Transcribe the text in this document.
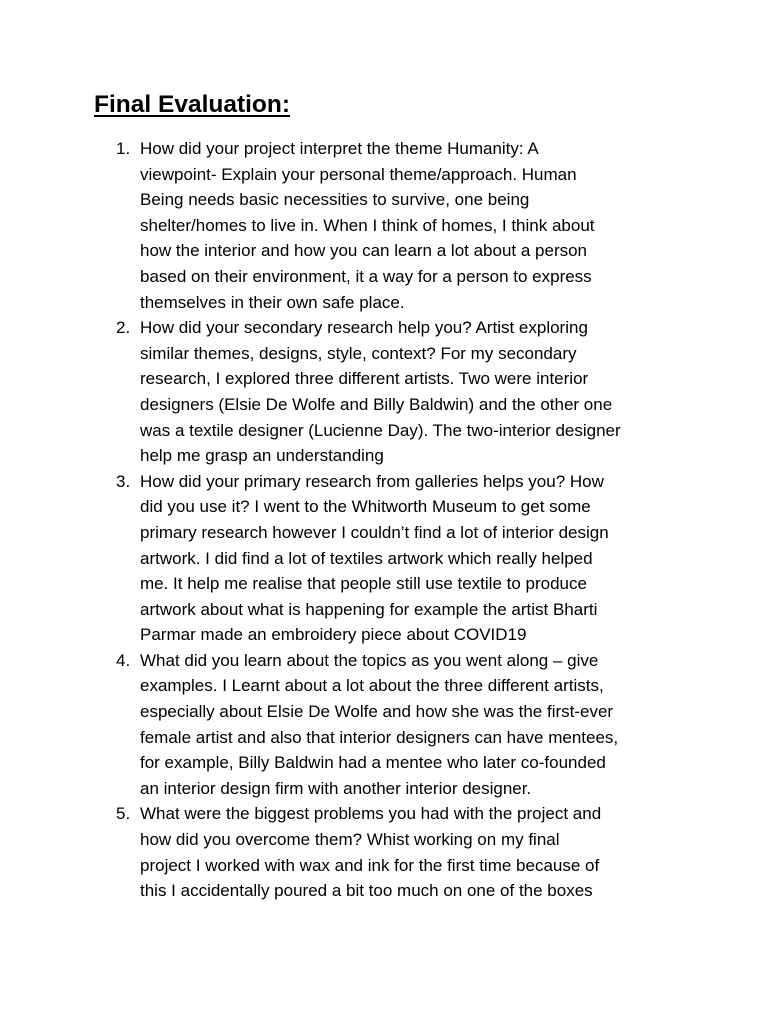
Final Evaluation:
1. How did your project interpret the theme Humanity: A
viewpoint- Explain your personal theme/approach. Human
Being needs basic necessities to survive, one being
shelter/homes to live in. When I think of homes, I think about
how the interior and how you can learn a lot about a person
based on their environment, it a way for a person to express
themselves in their own safe place.
2. How did your secondary research help you? Artist exploring
similar themes, designs, style, context? For my secondary
research, I explored three different artists. Two were interior
designers (Elsie De Wolfe and Billy Baldwin) and the other one
was a textile designer (Lucienne Day). The two-interior designer
help me grasp an understanding
3. How did your primary research from galleries helps you? How
did you use it? I went to the Whitworth Museum to get some
primary research however I couldn’t find a lot of interior design
artwork. I did find a lot of textiles artwork which really helped
me. It help me realise that people still use textile to produce
artwork about what is happening for example the artist Bharti
Parmar made an embroidery piece about COVID19
4. What did you learn about the topics as you went along – give
examples. I Learnt about a lot about the three different artists,
especially about Elsie De Wolfe and how she was the first-ever
female artist and also that interior designers can have mentees,
for example, Billy Baldwin had a mentee who later co-founded
an interior design firm with another interior designer.
5. What were the biggest problems you had with the project and
how did you overcome them? Whist working on my final
project I worked with wax and ink for the first time because of
this I accidentally poured a bit too much on one of the boxes
